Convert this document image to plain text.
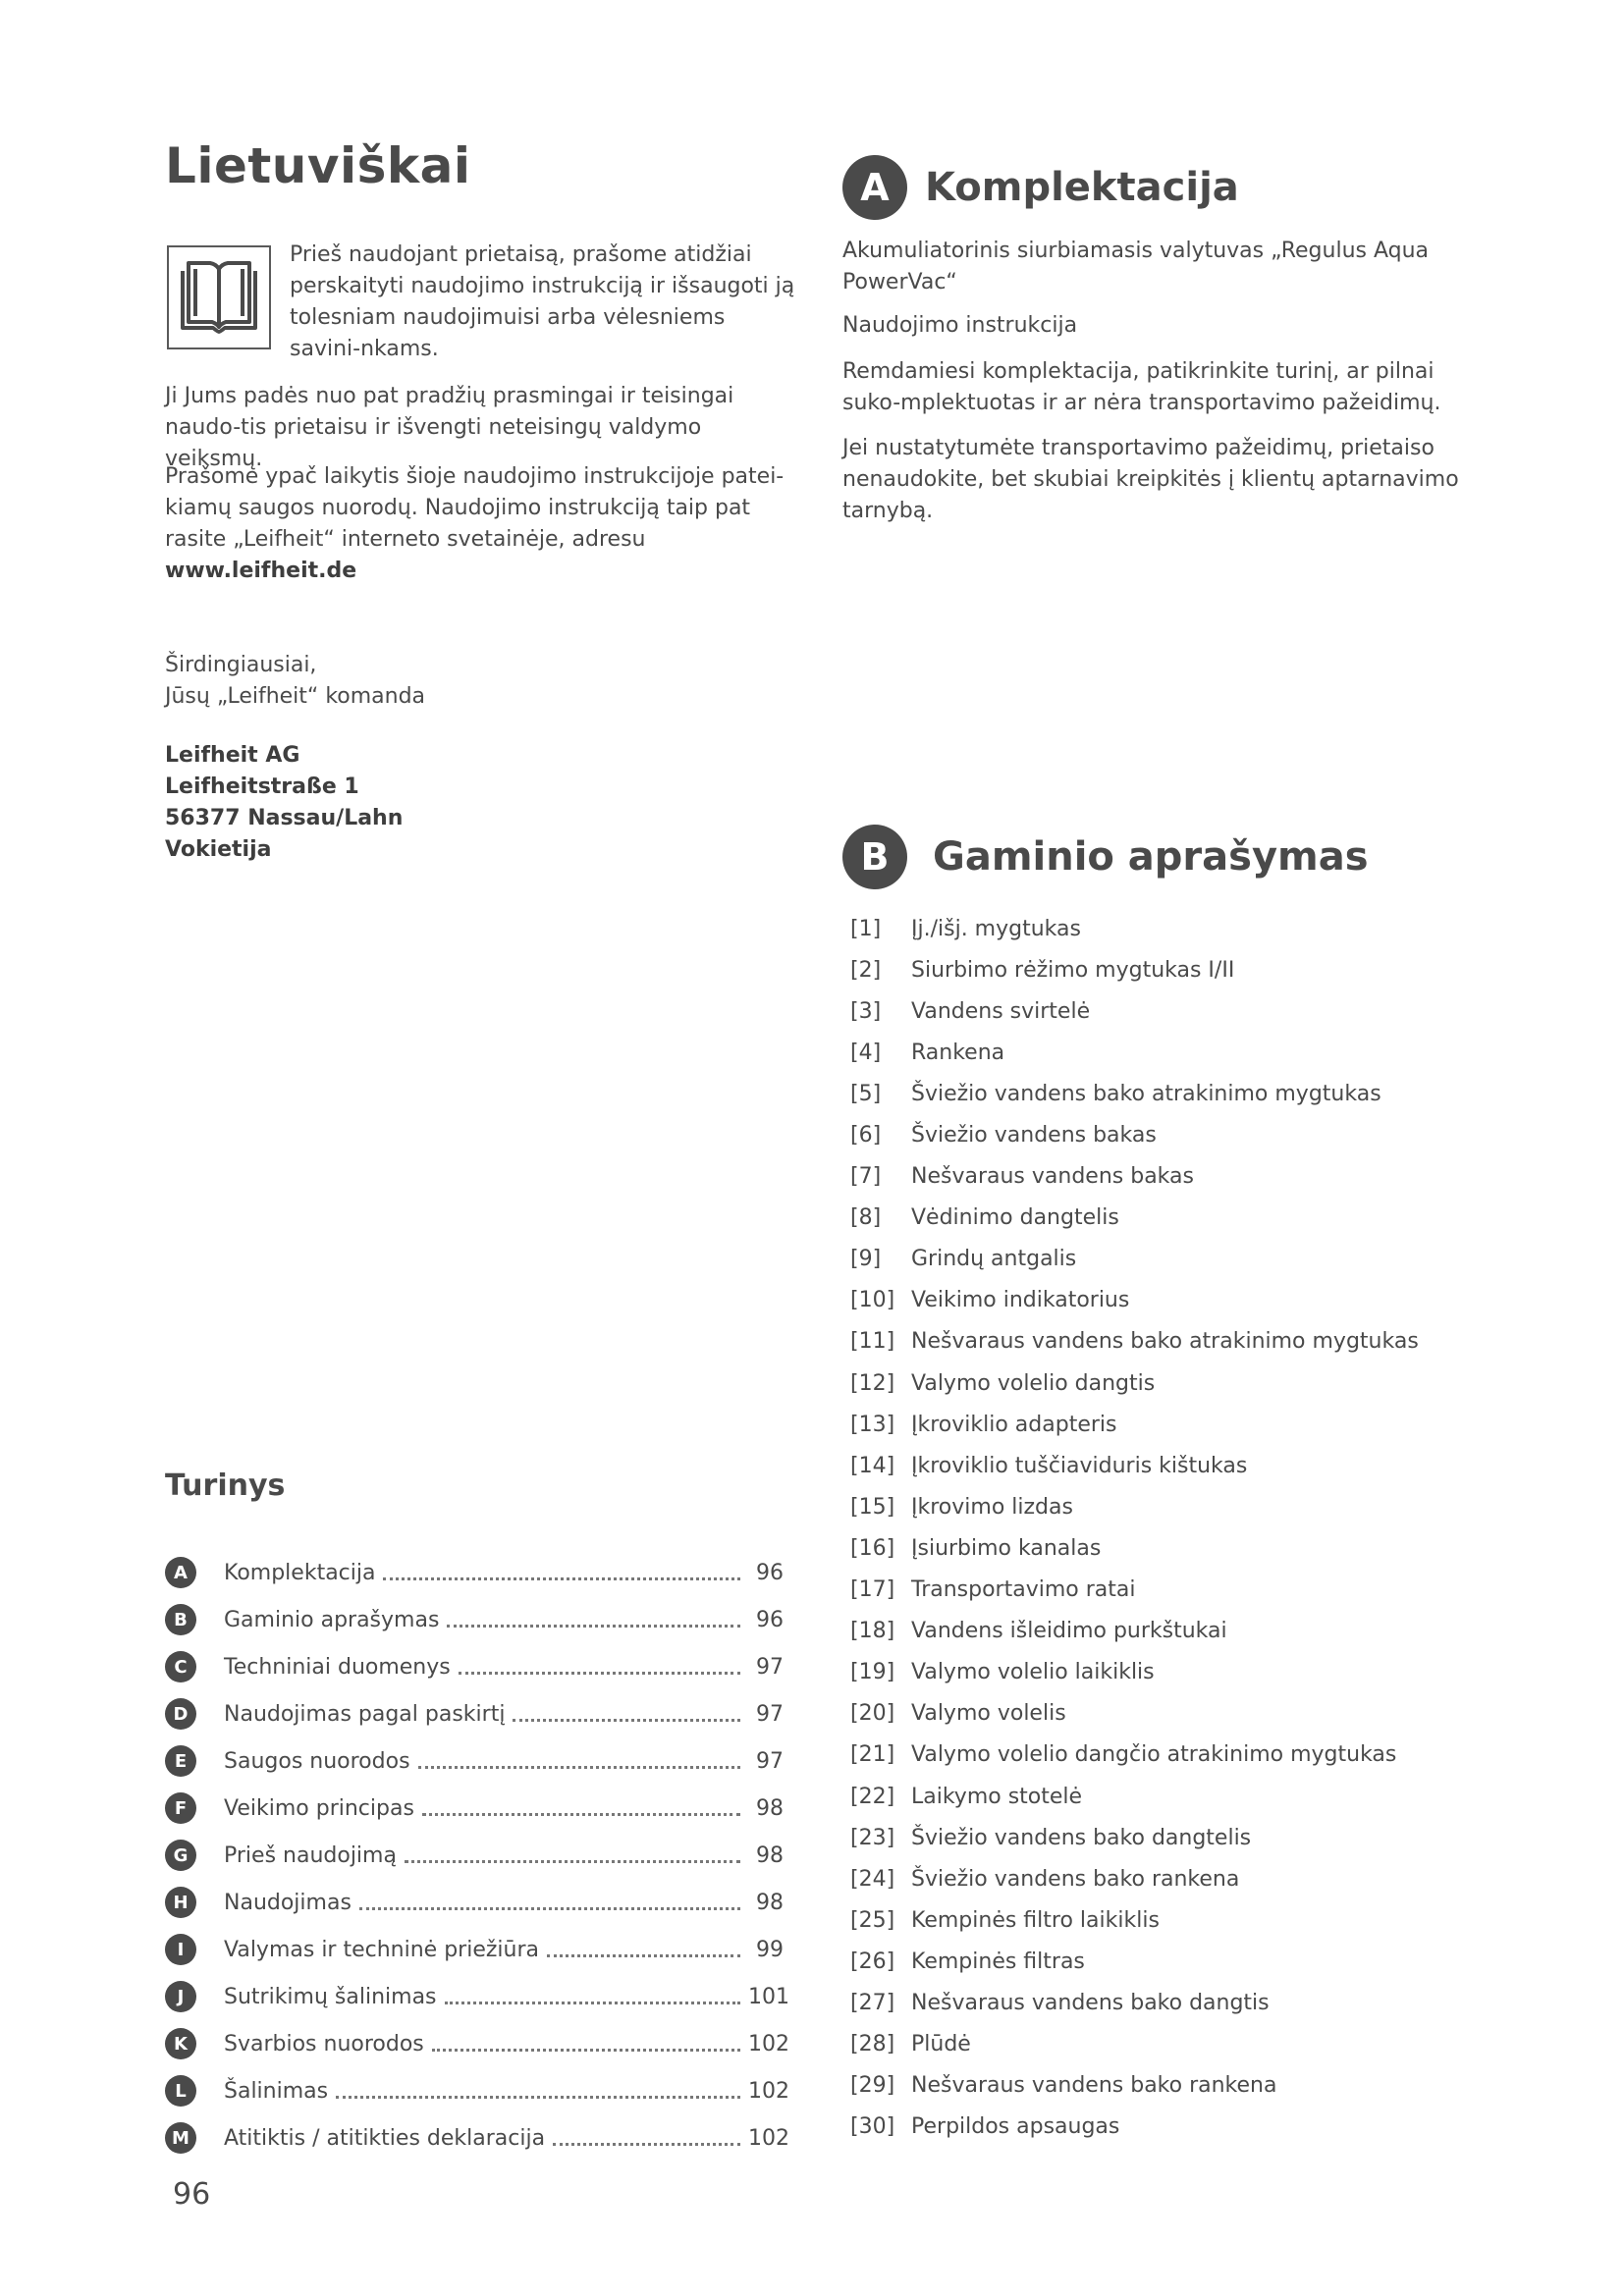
Lietuviškai

Prieš naudojant prietaisą, prašome atidžiai perskaityti naudojimo instrukciją ir išsaugoti ją tolesniam naudojimuisi arba vėlesniems savini-nkams.

Ji Jums padės nuo pat pradžių prasmingai ir teisingai naudo-tis prietaisu ir išvengti neteisingų valdymo veiksmų.

Prašome ypač laikytis šioje naudojimo instrukcijoje patei-kiamų saugos nuorodų. Naudojimo instrukciją taip pat rasite „Leifheit“ interneto svetainėje, adresu
www.leifheit.de

Širdingiausiai,
Jūsų „Leifheit“ komanda
Leifheit AG
Leifheitstraße 1
56377 Nassau/Lahn
Vokietija
Turinys
A	Komplektacija	96
B	Gaminio aprašymas	96
C	Techniniai duomenys	97
D	Naudojimas pagal paskirtį	97
E	Saugos nuorodos	97
F	Veikimo principas	98
G	Prieš naudojimą	98
H	Naudojimas	98
I	Valymas ir techninė priežiūra	99
J	Sutrikimų šalinimas	101
K	Svarbios nuorodos	102
L	Šalinimas	102
M	Atitiktis / atitikties deklaracija	102
96
A Komplektacija

Akumuliatorinis siurbiamasis valytuvas „Regulus Aqua PowerVac“

Naudojimo instrukcija

Remdamiesi komplektacija, patikrinkite turinį, ar pilnai suko-mplektuotas ir ar nėra transportavimo pažeidimų.

Jei nustatytumėte transportavimo pažeidimų, prietaiso nenaudokite, bet skubiai kreipkitės į klientų aptarnavimo tarnybą.

B	Gaminio aprašymas
[1]	Įj./išj. mygtukas
[2]	Siurbimo rėžimo mygtukas I/II
[3]	Vandens svirtelė
[4]	Rankena
[5]	Šviežio vandens bako atrakinimo mygtukas
[6]	Šviežio vandens bakas
[7]	Nešvaraus vandens bakas
[8]	Vėdinimo dangtelis
[9]	Grindų antgalis
[10] Veikimo indikatorius
[11] Nešvaraus vandens bako atrakinimo mygtukas
[12] Valymo volelio dangtis
[13] Įkroviklio adapteris
[14] Įkroviklio tuščiaviduris kištukas
[15] Įkrovimo lizdas
[16] Įsiurbimo kanalas
[17] Transportavimo ratai
[18] Vandens išleidimo purkštukai
[19] Valymo volelio laikiklis
[20] Valymo volelis
[21] Valymo volelio dangčio atrakinimo mygtukas
[22] Laikymo stotelė
[23] Šviežio vandens bako dangtelis
[24] Šviežio vandens bako rankena
[25] Kempinės filtro laikiklis
[26] Kempinės filtras
[27] Nešvaraus vandens bako dangtis
[28] Plūdė
[29] Nešvaraus vandens bako rankena
[30] Perpildos apsaugas
